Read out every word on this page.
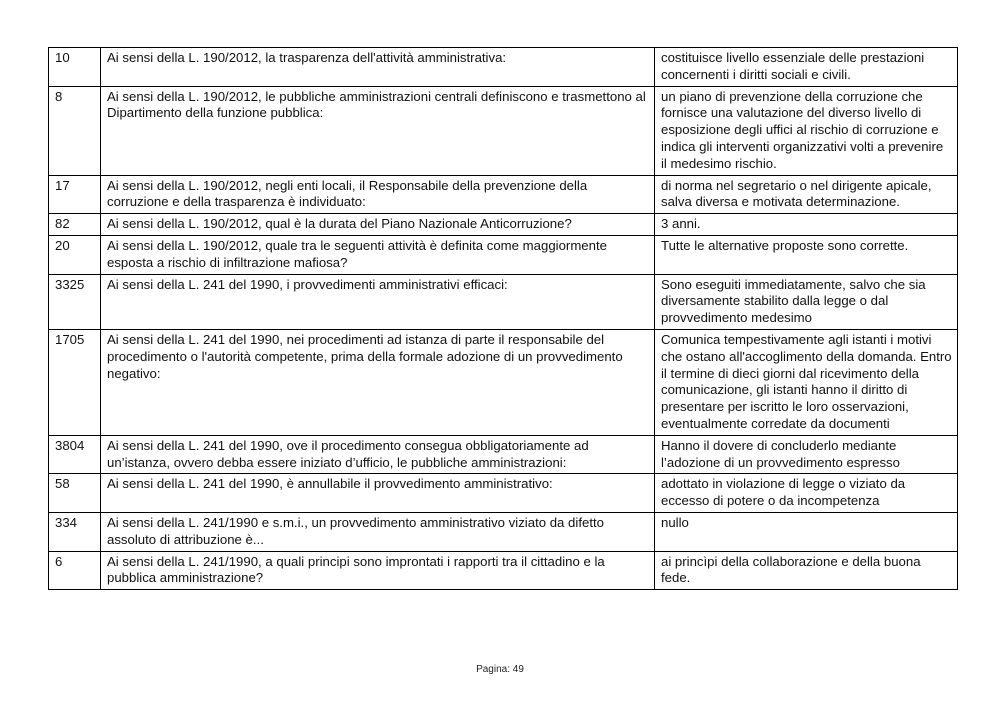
10	Ai sensi della L. 190/2012, la trasparenza dell'attività amministrativa:	costituisce livello essenziale delle prestazioni concernenti i diritti sociali e civili.
8	Ai sensi della L. 190/2012, le pubbliche amministrazioni centrali definiscono e trasmettono al Dipartimento della funzione pubblica:	un piano di prevenzione della corruzione che fornisce una valutazione del diverso livello di esposizione degli uffici al rischio di corruzione e indica gli interventi organizzativi volti a prevenire il medesimo rischio.
17	Ai sensi della L. 190/2012, negli enti locali, il Responsabile della prevenzione della corruzione e della trasparenza è individuato:	di norma nel segretario o nel dirigente apicale, salva diversa e motivata determinazione.
82	Ai sensi della L. 190/2012, qual è la durata del Piano Nazionale Anticorruzione?	3 anni.
20	Ai sensi della L. 190/2012, quale tra le seguenti attività è definita come maggiormente esposta a rischio di infiltrazione mafiosa?	Tutte le alternative proposte sono corrette.
3325	Ai sensi della L. 241 del 1990, i provvedimenti amministrativi efficaci:	Sono eseguiti immediatamente, salvo che sia diversamente stabilito dalla legge o dal provvedimento medesimo
1705	Ai sensi della L. 241 del 1990, nei procedimenti ad istanza di parte il responsabile del procedimento o l'autorità competente, prima della formale adozione di un provvedimento negativo:	Comunica tempestivamente agli istanti i motivi che ostano all'accoglimento della domanda. Entro il termine di dieci giorni dal ricevimento della comunicazione, gli istanti hanno il diritto di presentare per iscritto le loro osservazioni, eventualmente corredate da documenti
3804	Ai sensi della L. 241 del 1990, ove il procedimento consegua obbligatoriamente ad un’istanza, ovvero debba essere iniziato d’ufficio, le pubbliche amministrazioni:	Hanno il dovere di concluderlo mediante l’adozione di un provvedimento espresso
58	Ai sensi della L. 241 del 1990, è annullabile il provvedimento amministrativo:	adottato in violazione di legge o viziato da eccesso di potere o da incompetenza
334	Ai sensi della L. 241/1990 e s.m.i., un provvedimento amministrativo viziato da difetto assoluto di attribuzione è...	nullo
6	Ai sensi della L. 241/1990, a quali principi sono improntati i rapporti tra il cittadino e la pubblica amministrazione?	ai princìpi della collaborazione e della buona fede.
Pagina: 49
